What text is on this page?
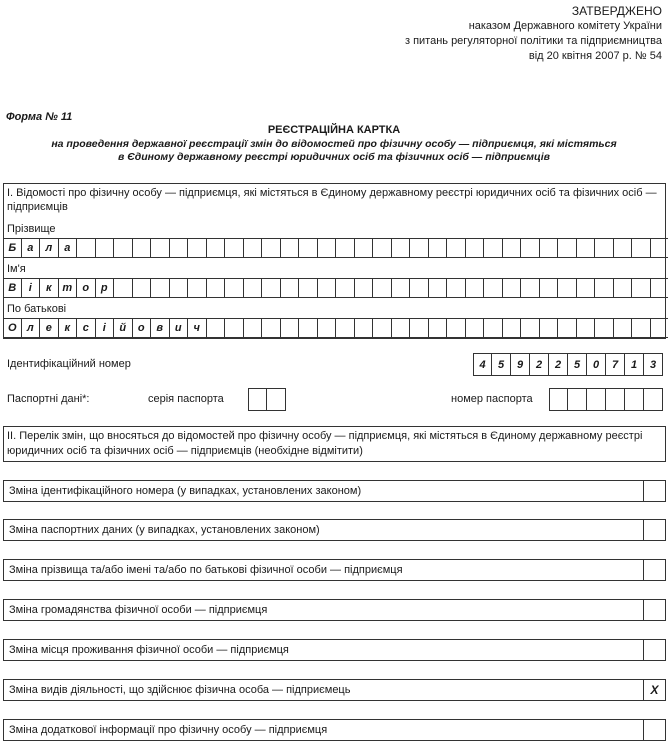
ЗАТВЕРДЖЕНО
наказом Державного комітету України
з питань регуляторної політики та підприємництва
від 20 квітня 2007 р. № 54
Форма № 11
РЕЄСТРАЦІЙНА КАРТКА
на проведення державної реєстрації змін до відомостей про фізичну особу — підприємця, які містяться
в Єдиному державному реєстрі юридичних осіб та фізичних осіб — підприємців
I. Відомості про фізичну особу — підприємця, які містяться в Єдиному державному реєстрі юридичних осіб та фізичних осіб — підприємців
Прізвище
Б	а	л	а
Ім'я
В	і	к т о	р
По батькові
О л	е	к	с	і	й	о	в	и	ч
Ідентифікаційний номер	4	5	9	2	2	5	0	7	1	3
Паспортні дані*:	серія паспорта	номер паспорта
II. Перелік змін, що вносяться до відомостей про фізичну особу — підприємця, які містяться в Єдиному державному реєстрі юридичних осіб та фізичних осіб — підприємців (необхідне відмітити)
Зміна ідентифікаційного номера (у випадках, установлених законом)
Зміна паспортних даних (у випадках, установлених законом)
Зміна прізвища та/або імені та/або по батькові фізичної особи — підприємця
Зміна громадянства фізичної особи — підприємця
Зміна місця проживання фізичної особи — підприємця
Зміна видів діяльності, що здійснює фізична особа — підприємець	X
Зміна додаткової інформації про фізичну особу — підприємця
